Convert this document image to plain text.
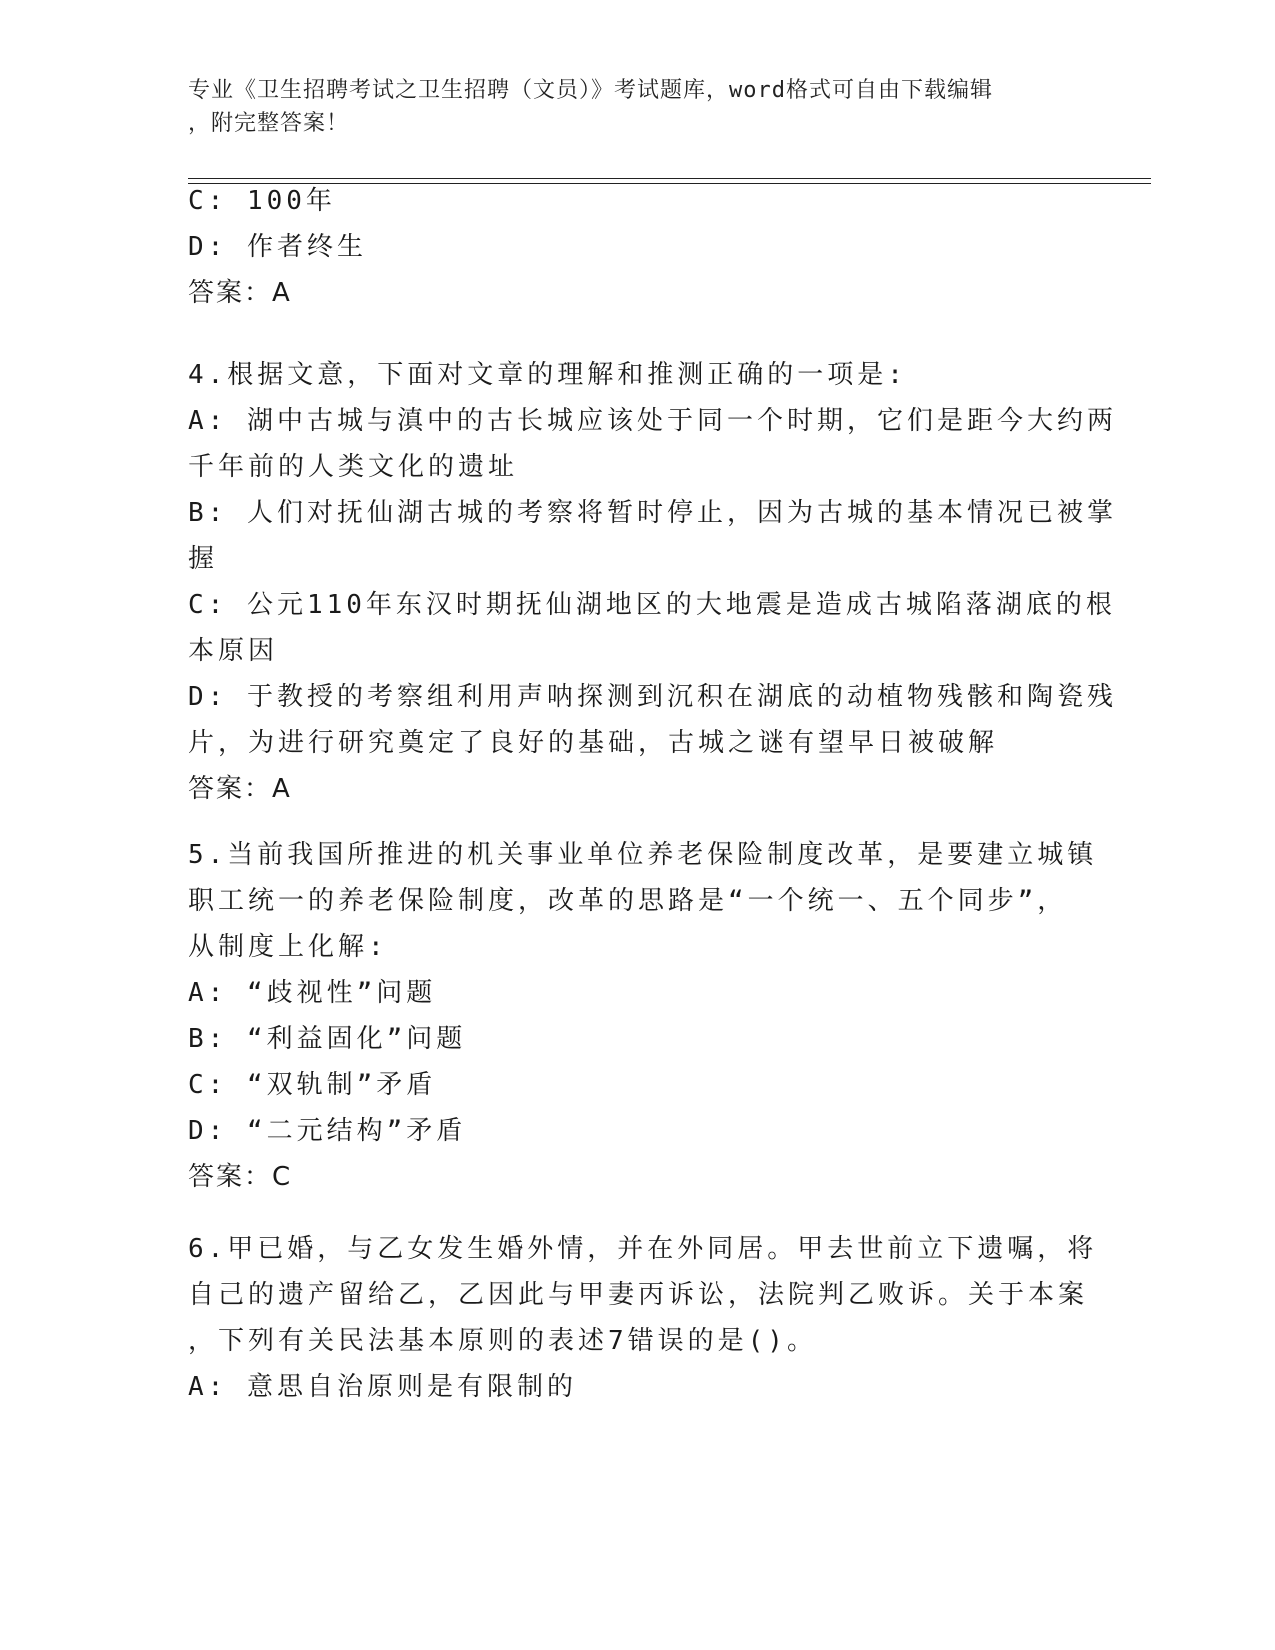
专业《卫生招聘考试之卫生招聘（文员）》考试题库，word格式可自由下载编辑
，附完整答案！
C: 100年
D: 作者终生
答案：A
4.根据文意，下面对文章的理解和推测正确的一项是:
A: 湖中古城与滇中的古长城应该处于同一个时期，它们是距今大约两
千年前的人类文化的遗址
B: 人们对抚仙湖古城的考察将暂时停止，因为古城的基本情况已被掌
握
C: 公元110年东汉时期抚仙湖地区的大地震是造成古城陷落湖底的根
本原因
D: 于教授的考察组利用声呐探测到沉积在湖底的动植物残骸和陶瓷残
片，为进行研究奠定了良好的基础，古城之谜有望早日被破解
答案：A
5.当前我国所推进的机关事业单位养老保险制度改革，是要建立城镇
职工统一的养老保险制度，改革的思路是“一个统一、五个同步”，
从制度上化解:
A: “歧视性”问题
B: “利益固化”问题
C: “双轨制”矛盾
D: “二元结构”矛盾
答案：C
6.甲已婚，与乙女发生婚外情，并在外同居。甲去世前立下遗嘱，将
自己的遗产留给乙，乙因此与甲妻丙诉讼，法院判乙败诉。关于本案
，下列有关民法基本原则的表述7错误的是()。
A: 意思自治原则是有限制的
